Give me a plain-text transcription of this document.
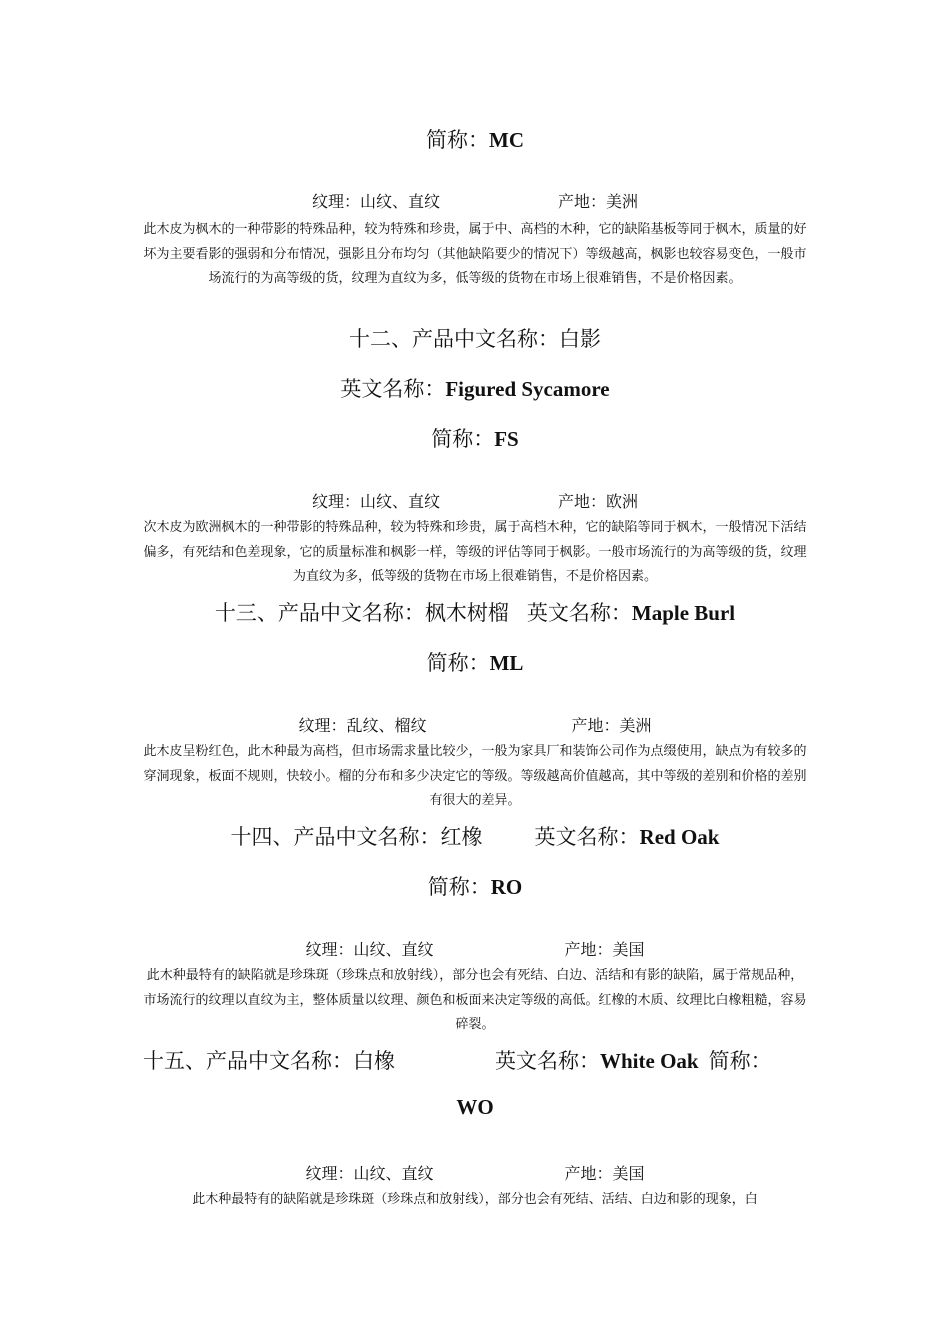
简称：MC
纹理：山纹、直纹	产地：美洲
此木皮为枫木的一种带影的特殊品种，较为特殊和珍贵，属于中、高档的木种，它的缺陷基板等同于枫木，质量的好坏为主要看影的强弱和分布情况，强影且分布均匀（其他缺陷要少的情况下）等级越高，枫影也较容易变色，一般市场流行的为高等级的货，纹理为直纹为多，低等级的货物在市场上很难销售，不是价格因素。
十二、产品中文名称：白影
英文名称：Figured Sycamore
简称：FS
纹理：山纹、直纹	产地：欧洲
次木皮为欧洲枫木的一种带影的特殊品种，较为特殊和珍贵，属于高档木种，它的缺陷等同于枫木，一般情况下活结偏多，有死结和色差现象，它的质量标准和枫影一样，等级的评估等同于枫影。一般市场流行的为高等级的货，纹理为直纹为多，低等级的货物在市场上很难销售，不是价格因素。
十三、产品中文名称：枫木树榴 英文名称：Maple Burl
简称：ML
纹理：乱纹、榴纹	产地：美洲
此木皮呈粉红色，此木种最为高档，但市场需求量比较少，一般为家具厂和装饰公司作为点缀使用，缺点为有较多的穿洞现象，板面不规则，快较小。榴的分布和多少决定它的等级。等级越高价值越高，其中等级的差别和价格的差别有很大的差异。
十四、产品中文名称：红橡 英文名称：Red Oak
简称：RO
纹理：山纹、直纹	产地：美国
此木种最特有的缺陷就是珍珠斑（珍珠点和放射线），部分也会有死结、白边、活结和有影的缺陷，属于常规品种，市场流行的纹理以直纹为主，整体质量以纹理、颜色和板面来决定等级的高低。红橡的木质、纹理比白橡粗糙，容易碎裂。
十五、产品中文名称：白橡	英文名称：White Oak 简称：
WO
纹理：山纹、直纹	产地：美国
此木种最特有的缺陷就是珍珠斑（珍珠点和放射线），部分也会有死结、活结、白边和影的现象，白
